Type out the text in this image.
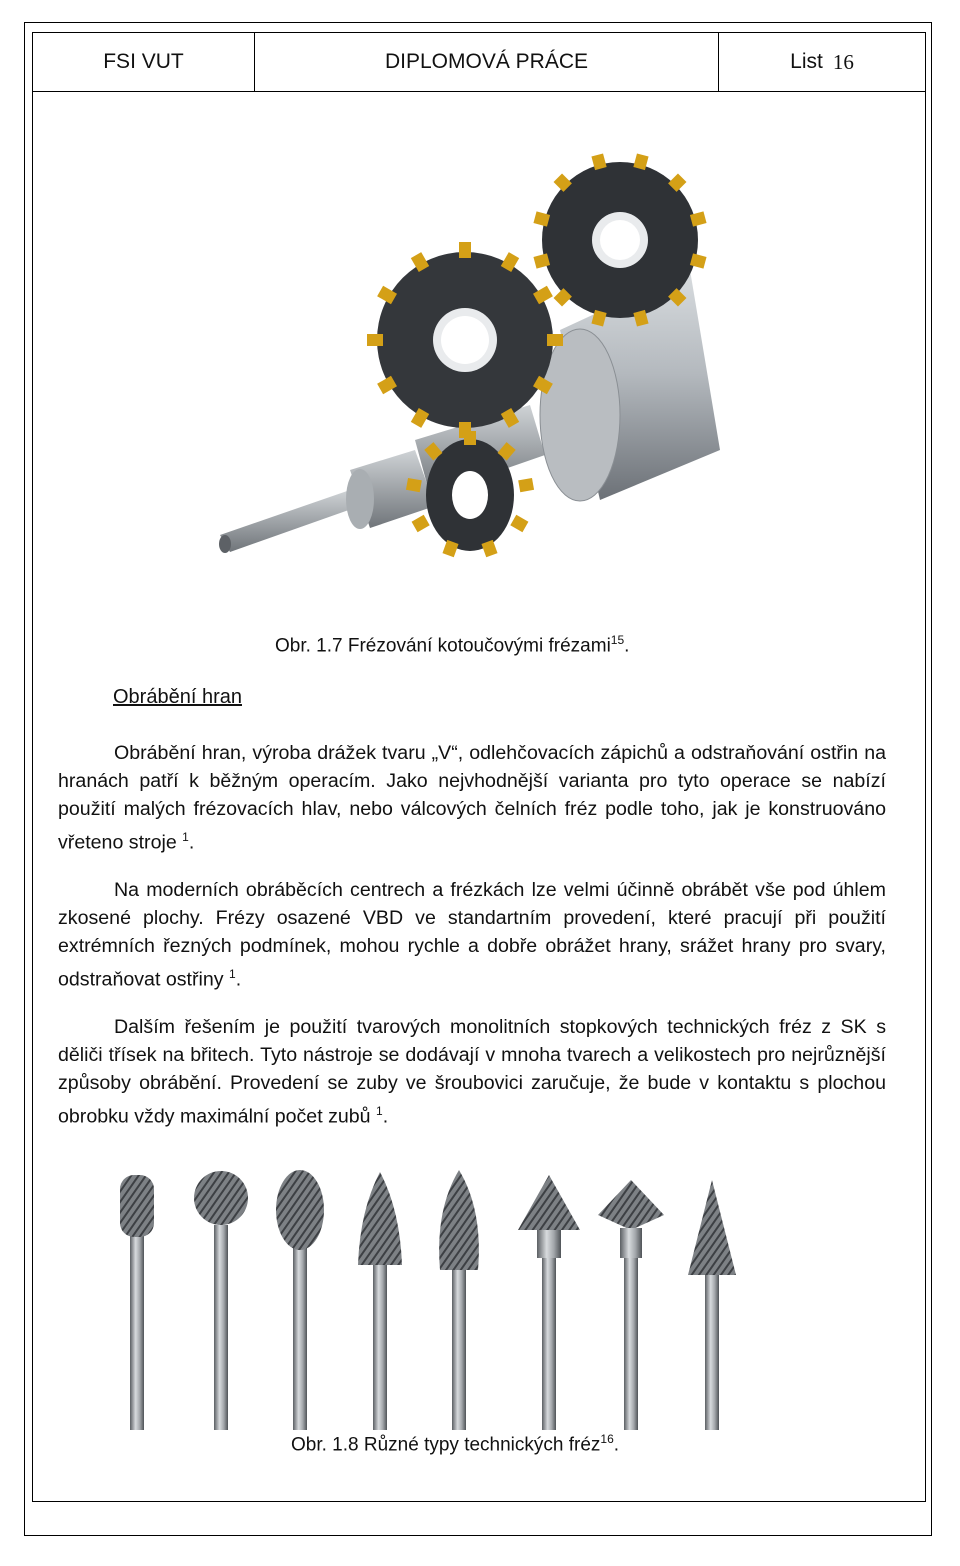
FSI VUT	DIPLOMOVÁ PRÁCE	List 16
Obr. 1.7 Frézování kotoučovými frézami$^{15}$.
Obrábění hran
Obrábění hran, výroba drážek tvaru „V“, odlehčovacích zápichů a odstraňování ostřin na hranách patří k běžným operacím. Jako nejvhodnější varianta pro tyto operace se nabízí použití malých frézovacích hlav, nebo válcových čelních fréz podle toho, jak je konstruováno vřeteno stroje $^1$.
Na moderních obráběcích centrech a frézkách lze velmi účinně obrábět vše pod úhlem zkosené plochy. Frézy osazené VBD ve standartním provedení, které pracují při použití extrémních řezných podmínek, mohou rychle a dobře obrážet hrany, srážet hrany pro svary, odstraňovat ostřiny $^1$.
Dalším řešením je použití tvarových monolitních stopkových technických fréz z SK s děliči třísek na břitech. Tyto nástroje se dodávají v mnoha tvarech a velikostech pro nejrůznější způsoby obrábění. Provedení se zuby ve šroubovici zaručuje, že bude v kontaktu s plochou obrobku vždy maximální počet zubů $^1$.
Obr. 1.8 Různé typy technických fréz$^{16}$.
